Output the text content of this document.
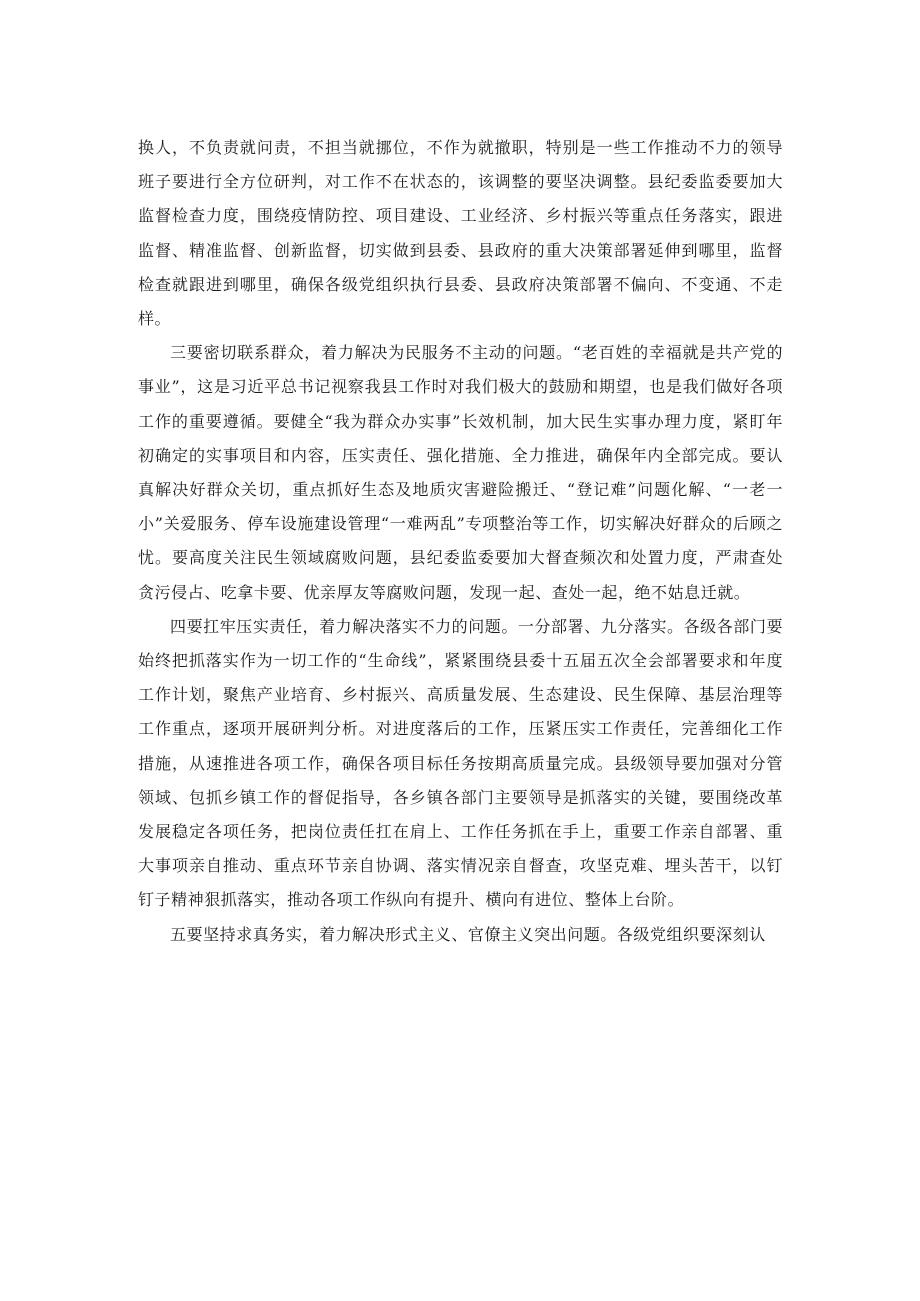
换人，不负责就问责，不担当就挪位，不作为就撤职，特别是一些工作推动不力的领导班子要进行全方位研判，对工作不在状态的，该调整的要坚决调整。县纪委监委要加大监督检查力度，围绕疫情防控、项目建设、工业经济、乡村振兴等重点任务落实，跟进监督、精准监督、创新监督，切实做到县委、县政府的重大决策部署延伸到哪里，监督检查就跟进到哪里，确保各级党组织执行县委、县政府决策部署不偏向、不变通、不走样。

三要密切联系群众，着力解决为民服务不主动的问题。“老百姓的幸福就是共产党的事业”，这是习近平总书记视察我县工作时对我们极大的鼓励和期望，也是我们做好各项工作的重要遵循。要健全“我为群众办实事”长效机制，加大民生实事办理力度，紧盯年初确定的实事项目和内容，压实责任、强化措施、全力推进，确保年内全部完成。要认真解决好群众关切，重点抓好生态及地质灾害避险搬迁、“登记难”问题化解、“一老一小”关爱服务、停车设施建设管理“一难两乱”专项整治等工作，切实解决好群众的后顾之忧。要高度关注民生领域腐败问题，县纪委监委要加大督查频次和处置力度，严肃查处贪污侵占、吃拿卡要、优亲厚友等腐败问题，发现一起、查处一起，绝不姑息迁就。

四要扛牢压实责任，着力解决落实不力的问题。一分部署、九分落实。各级各部门要始终把抓落实作为一切工作的“生命线”，紧紧围绕县委十五届五次全会部署要求和年度工作计划，聚焦产业培育、乡村振兴、高质量发展、生态建设、民生保障、基层治理等工作重点，逐项开展研判分析。对进度落后的工作，压紧压实工作责任，完善细化工作措施，从速推进各项工作，确保各项目标任务按期高质量完成。县级领导要加强对分管领域、包抓乡镇工作的督促指导，各乡镇各部门主要领导是抓落实的关键，要围绕改革发展稳定各项任务，把岗位责任扛在肩上、工作任务抓在手上，重要工作亲自部署、重大事项亲自推动、重点环节亲自协调、落实情况亲自督查，攻坚克难、埋头苦干，以钉钉子精神狠抓落实，推动各项工作纵向有提升、横向有进位、整体上台阶。

五要坚持求真务实，着力解决形式主义、官僚主义突出问题。各级党组织要深刻认
